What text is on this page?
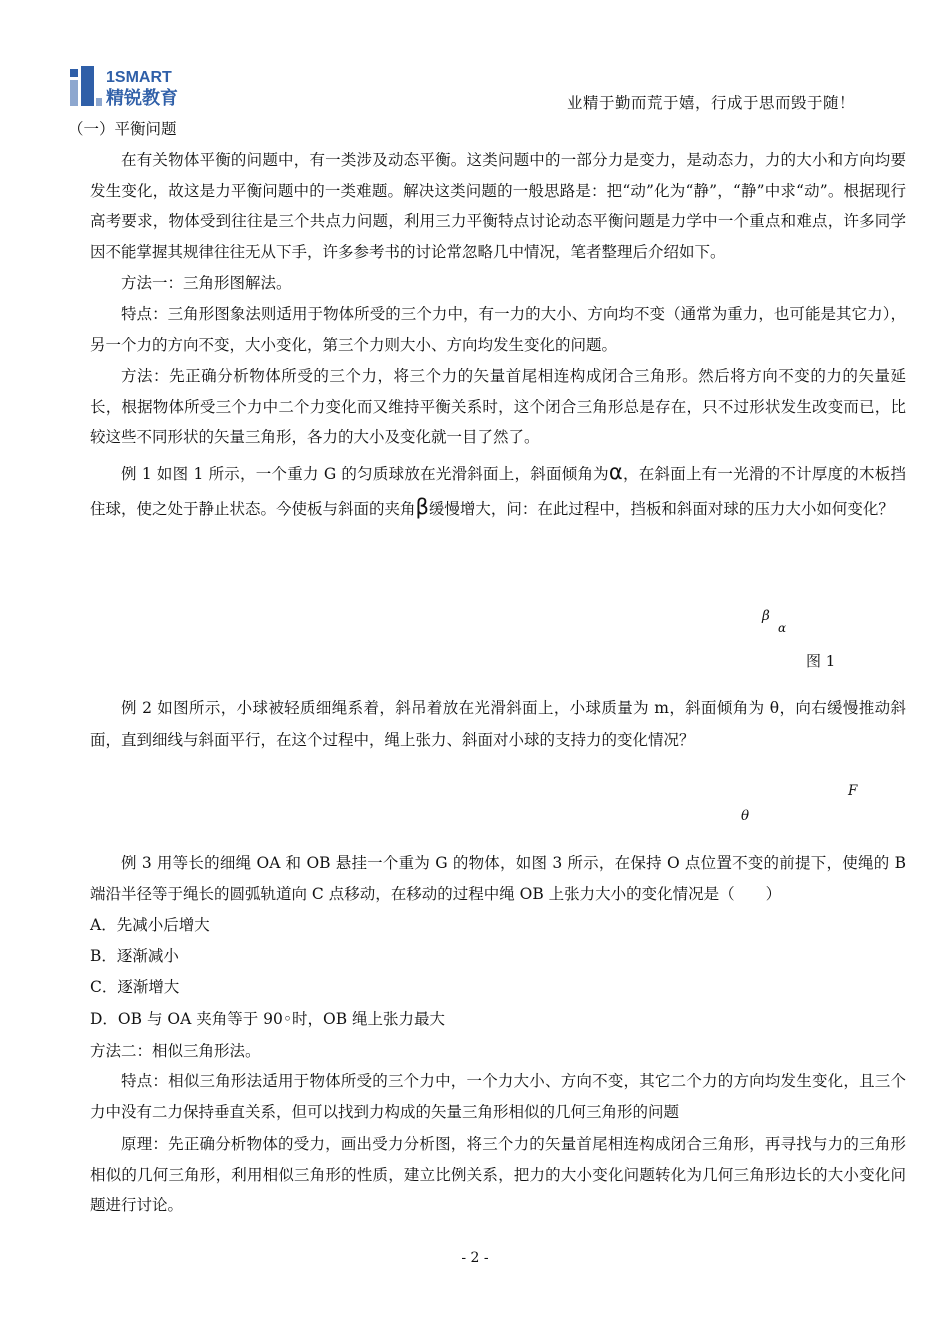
1SMART
精锐教育	业精于勤而荒于嬉，行成于思而毁于随！
（一）平衡问题
在有关物体平衡的问题中，有一类涉及动态平衡。这类问题中的一部分力是变力，是动态力，力的大小和方向均要发生变化，故这是力平衡问题中的一类难题。解决这类问题的一般思路是：把“动”化为“静”，“静”中求“动”。根据现行高考要求，物体受到往往是三个共点力问题，利用三力平衡特点讨论动态平衡问题是力学中一个重点和难点，许多同学因不能掌握其规律往往无从下手，许多参考书的讨论常忽略几中情况，笔者整理后介绍如下。
方法一：三角形图解法。
特点：三角形图象法则适用于物体所受的三个力中，有一力的大小、方向均不变（通常为重力，也可能是其它力），另一个力的方向不变，大小变化，第三个力则大小、方向均发生变化的问题。
方法：先正确分析物体所受的三个力，将三个力的矢量首尾相连构成闭合三角形。然后将方向不变的力的矢量延长，根据物体所受三个力中二个力变化而又维持平衡关系时，这个闭合三角形总是存在，只不过形状发生改变而已，比较这些不同形状的矢量三角形，各力的大小及变化就一目了然了。
例 1 如图 1 所示，一个重力 G 的匀质球放在光滑斜面上，斜面倾角为α，在斜面上有一光滑的不计厚度的木板挡住球，使之处于静止状态。今使板与斜面的夹角β缓慢增大，问：在此过程中，挡板和斜面对球的压力大小如何变化？
β
α
图 1
例 2 如图所示，小球被轻质细绳系着，斜吊着放在光滑斜面上，小球质量为 m，斜面倾角为 θ，向右缓慢推动斜面，直到细线与斜面平行，在这个过程中，绳上张力、斜面对小球的支持力的变化情况？
F
θ
例 3 用等长的细绳 OA 和 OB 悬挂一个重为 G 的物体，如图 3 所示，在保持 O 点位置不变的前提下，使绳的 B 端沿半径等于绳长的圆弧轨道向 C 点移动，在移动的过程中绳 OB 上张力大小的变化情况是（　　）
A．先减小后增大
B．逐渐减小
C．逐渐增大
D．OB 与 OA 夹角等于 90◦时，OB 绳上张力最大
方法二：相似三角形法。
特点：相似三角形法适用于物体所受的三个力中，一个力大小、方向不变，其它二个力的方向均发生变化，且三个力中没有二力保持垂直关系，但可以找到力构成的矢量三角形相似的几何三角形的问题
原理：先正确分析物体的受力，画出受力分析图，将三个力的矢量首尾相连构成闭合三角形，再寻找与力的三角形相似的几何三角形，利用相似三角形的性质，建立比例关系，把力的大小变化问题转化为几何三角形边长的大小变化问题进行讨论。
- 2 -
